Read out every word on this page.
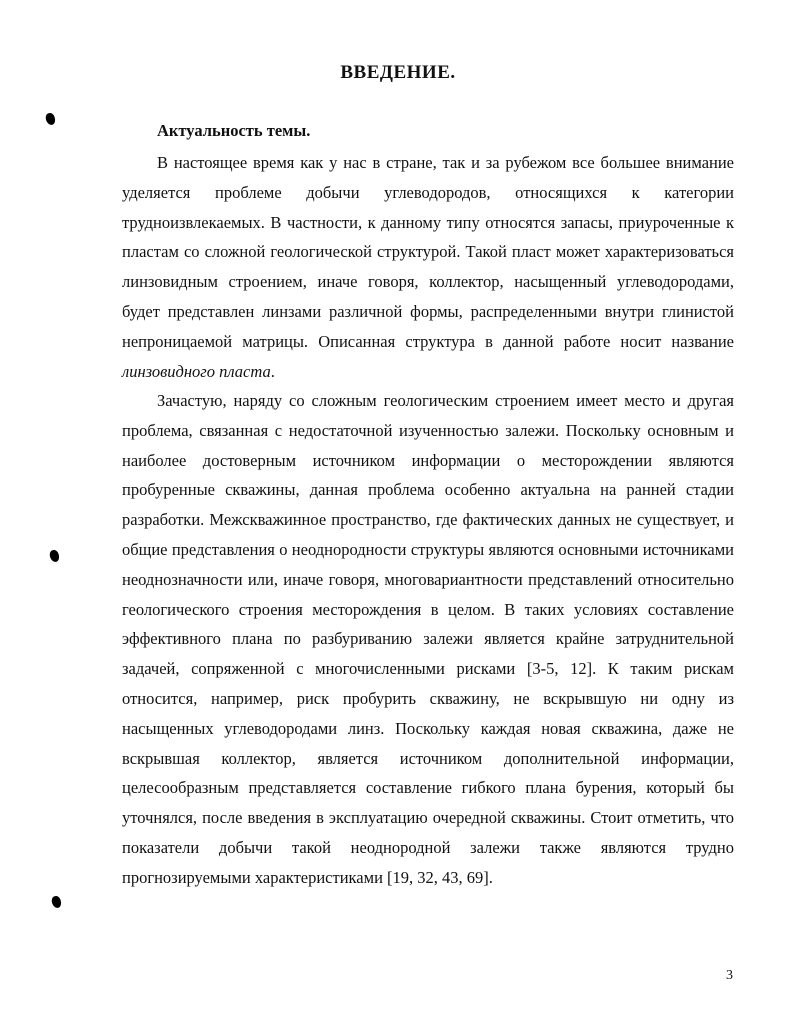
ВВЕДЕНИЕ.
Актуальность темы.

В настоящее время как у нас в стране, так и за рубежом все большее внимание уделяется проблеме добычи углеводородов, относящихся к категории трудноизвлекаемых. В частности, к данному типу относятся запасы, приуроченные к пластам со сложной геологической структурой. Такой пласт может характеризоваться линзовидным строением, иначе говоря, коллектор, насыщенный углеводородами, будет представлен линзами различной формы, распределенными внутри глинистой непроницаемой матрицы. Описанная структура в данной работе носит название линзовидного пласта.

Зачастую, наряду со сложным геологическим строением имеет место и другая проблема, связанная с недостаточной изученностью залежи. Поскольку основным и наиболее достоверным источником информации о месторождении являются пробуренные скважины, данная проблема особенно актуальна на ранней стадии разработки. Межскважинное пространство, где фактических данных не существует, и общие представления о неоднородности структуры являются основными источниками неоднозначности или, иначе говоря, многовариантности представлений относительно геологического строения месторождения в целом. В таких условиях составление эффективного плана по разбуриванию залежи является крайне затруднительной задачей, сопряженной с многочисленными рисками [3-5, 12]. К таким рискам относится, например, риск пробурить скважину, не вскрывшую ни одну из насыщенных углеводородами линз. Поскольку каждая новая скважина, даже не вскрывшая коллектор, является источником дополнительной информации, целесообразным представляется составление гибкого плана бурения, который бы уточнялся, после введения в эксплуатацию очередной скважины. Стоит отметить, что показатели добычи такой неоднородной залежи также являются трудно прогнозируемыми характеристиками [19, 32, 43, 69].

3
